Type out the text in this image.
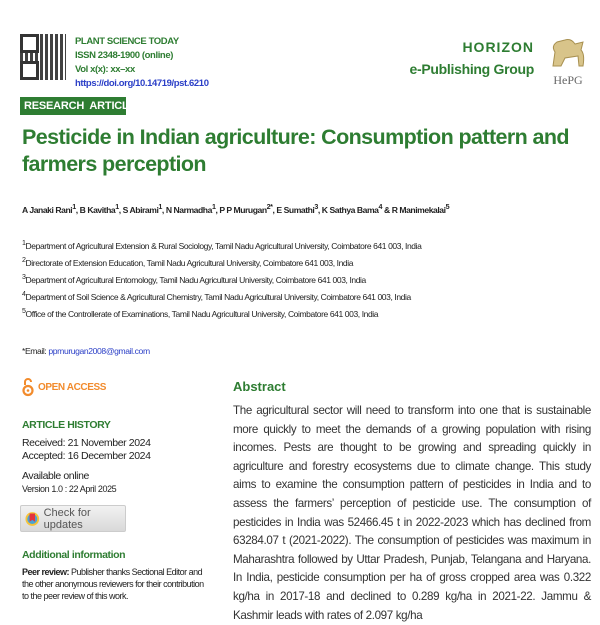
PLANT SCIENCE TODAY
ISSN 2348-1900 (online)
Vol x(x): xx–xx
https://doi.org/10.14719/pst.6210
RESEARCH  ARTICLE
HORIZON
e-Publishing Group
HePG
Pesticide in Indian agriculture: Consumption pattern and farmers perception
A Janaki Rani$^1$, B Kavitha$^1$, S Abirami$^1$, N Narmadha$^1$, P P Murugan$^{2*}$, E Sumathi$^3$, K Sathya Bama$^4$ & R Manimekalai$^5$
$^1$Department of Agricultural Extension & Rural Sociology, Tamil Nadu Agricultural University, Coimbatore 641 003, India
$^2$Directorate of Extension Education, Tamil Nadu Agricultural University, Coimbatore 641 003, India
$^3$Department of Agricultural Entomology, Tamil Nadu Agricultural University, Coimbatore 641 003, India
$^4$Department of Soil Science & Agricultural Chemistry, Tamil Nadu Agricultural University, Coimbatore 641 003, India
$^5$Office of the Controllerate of Examinations, Tamil Nadu Agricultural University, Coimbatore 641 003, India
*Email: ppmurugan2008@gmail.com
OPEN ACCESS
ARTICLE HISTORY
Received: 21 November 2024
Accepted: 16 December 2024
Available online
Version 1.0 : 22 April 2025
Check for updates
Additional information
Peer review: Publisher thanks Sectional Editor and the other anonymous reviewers for their contribution to the peer review of this work.
Abstract
The agricultural sector will need to transform into one that is sustainable more quickly to meet the demands of a growing population with rising incomes. Pests are thought to be growing and spreading quickly in agriculture and forestry ecosystems due to climate change. This study aims to examine the consumption pattern of pesticides in India and to assess the farmers’ perception of pesticide use. The consumption of pesticides in India was 52466.45 t in 2022-2023 which has declined from 63284.07 t (2021-2022). The consumption of pesticides was maximum in Maharashtra followed by Uttar Pradesh, Punjab, Telangana and Haryana. In India, pesticide consumption per ha of gross cropped area was 0.322 kg/ha in 2017-18 and declined to 0.289 kg/ha in 2021-22. Jammu & Kashmir leads with rates of 2.097 kg/ha
